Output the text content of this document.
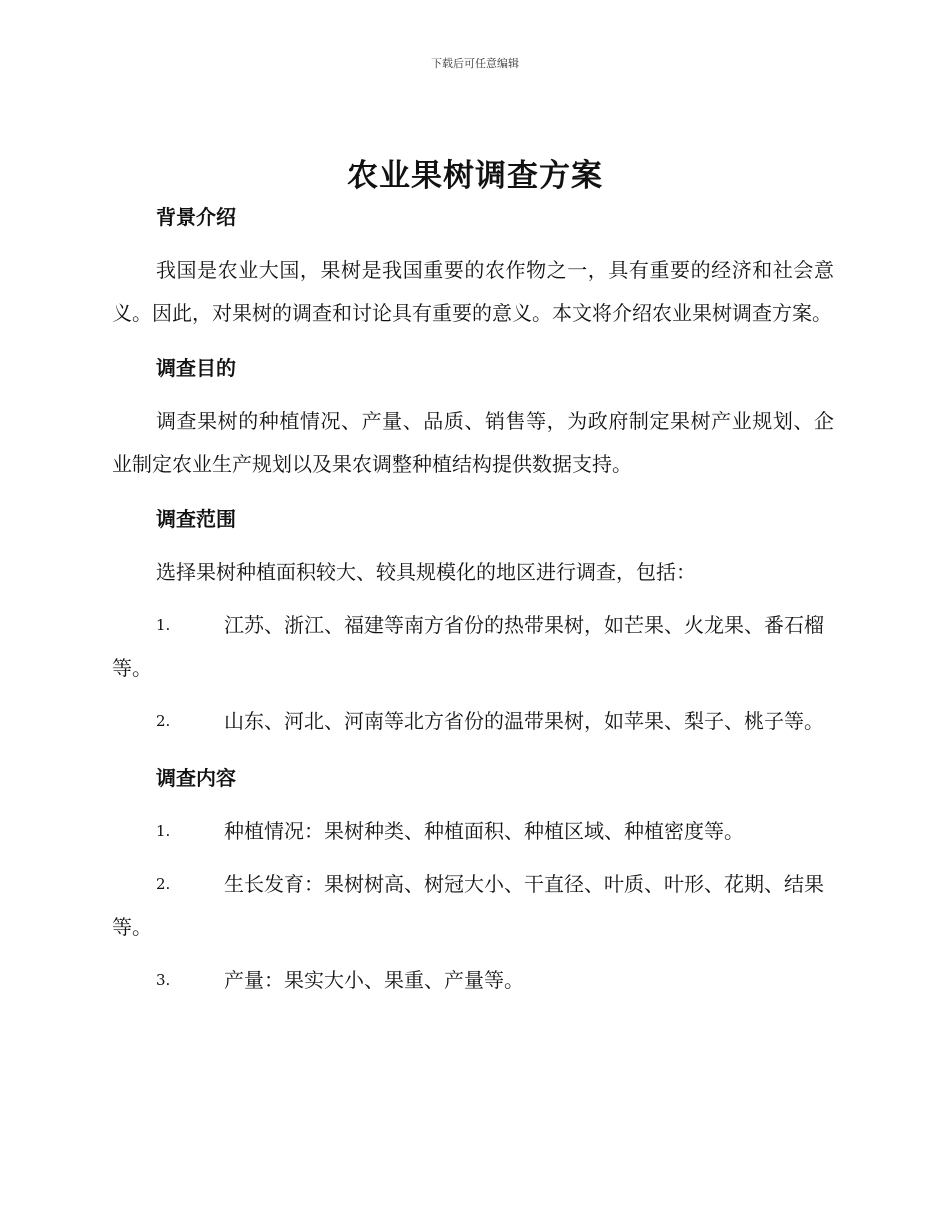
下载后可任意编辑
农业果树调查方案

背景介绍

我国是农业大国，果树是我国重要的农作物之一，具有重要的经济和社会意义。因此，对果树的调查和讨论具有重要的意义。本文将介绍农业果树调查方案。

调查目的

调查果树的种植情况、产量、品质、销售等，为政府制定果树产业规划、企业制定农业生产规划以及果农调整种植结构提供数据支持。

调查范围

选择果树种植面积较大、较具规模化的地区进行调查，包括：

1.	江苏、浙江、福建等南方省份的热带果树，如芒果、火龙果、番石榴等。
2.	山东、河北、河南等北方省份的温带果树，如苹果、梨子、桃子等。

调查内容

1.	种植情况：果树种类、种植面积、种植区域、种植密度等。
2.	生长发育：果树树高、树冠大小、干直径、叶质、叶形、花期、结果等。
3.	产量：果实大小、果重、产量等。
